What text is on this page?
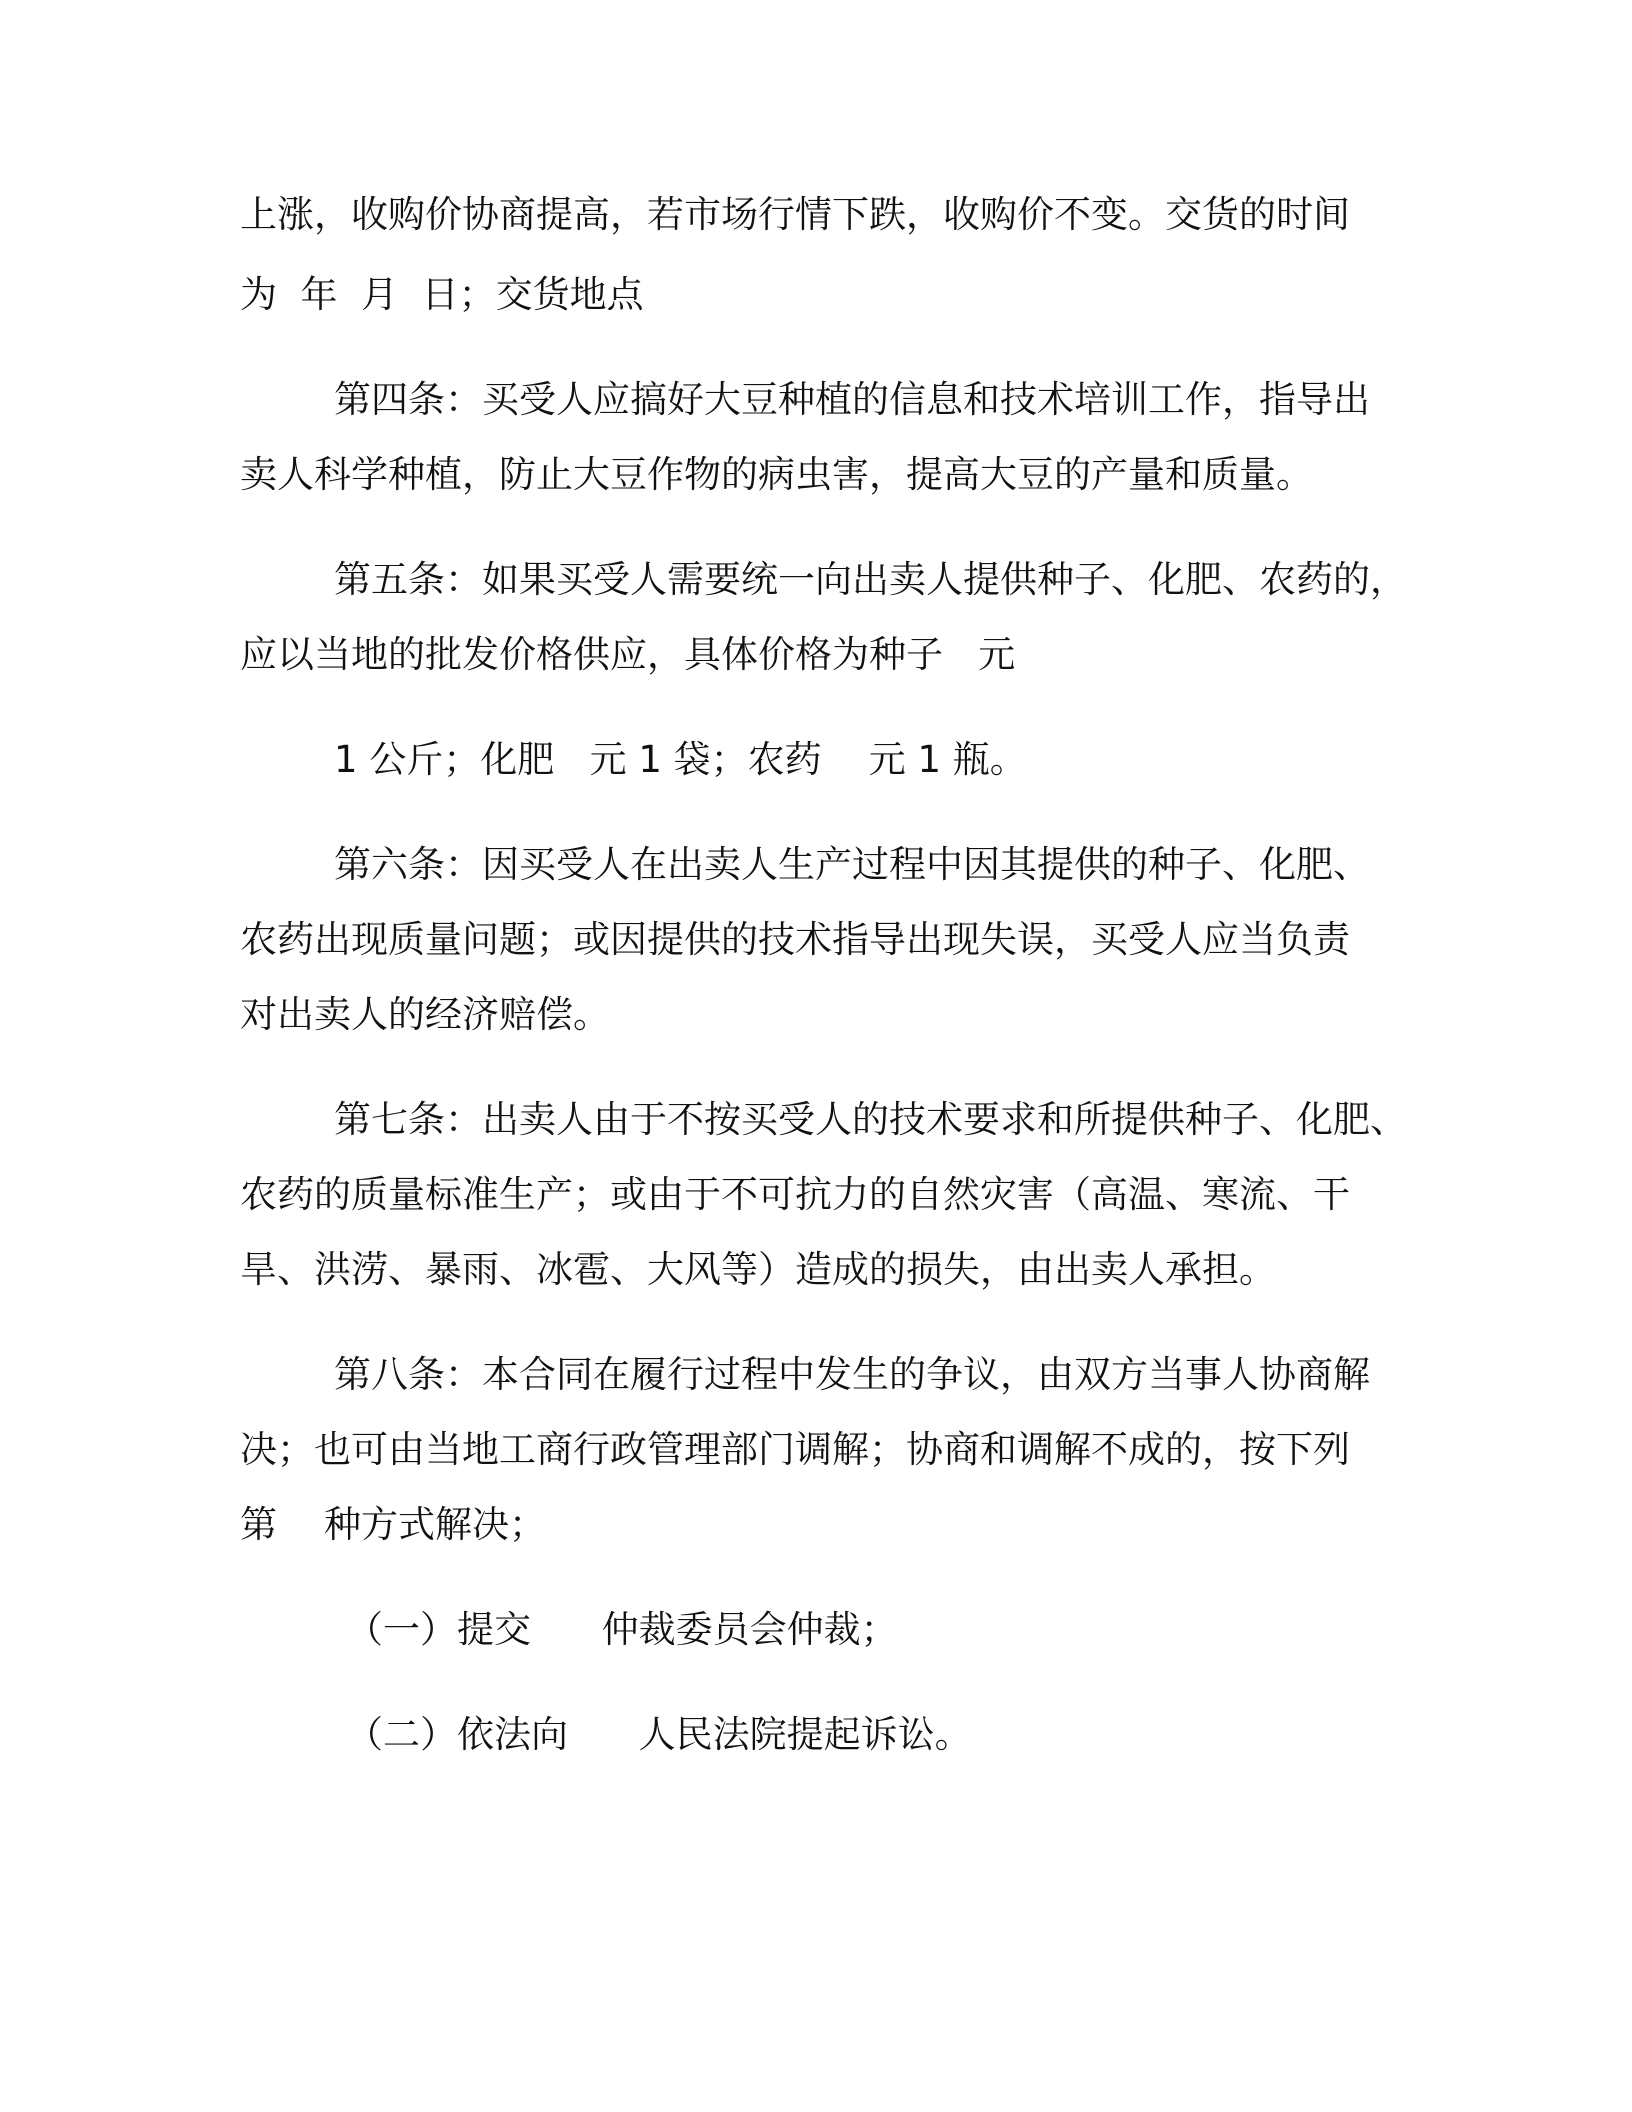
上涨，收购价协商提高，若市场行情下跌，收购价不变。交货的时间

为  年  月  日；交货地点

第四条：买受人应搞好大豆种植的信息和技术培训工作，指导出

卖人科学种植，防止大豆作物的病虫害，提高大豆的产量和质量。

第五条：如果买受人需要统一向出卖人提供种子、化肥、农药的，

应以当地的批发价格供应，具体价格为种子   元

1 公斤；化肥   元 1 袋；农药    元 1 瓶。

第六条：因买受人在出卖人生产过程中因其提供的种子、化肥、

农药出现质量问题；或因提供的技术指导出现失误，买受人应当负责

对出卖人的经济赔偿。

第七条：出卖人由于不按买受人的技术要求和所提供种子、化肥、

农药的质量标准生产；或由于不可抗力的自然灾害（高温、寒流、干

旱、洪涝、暴雨、冰雹、大风等）造成的损失，由出卖人承担。

第八条：本合同在履行过程中发生的争议，由双方当事人协商解

决；也可由当地工商行政管理部门调解；协商和调解不成的，按下列

第    种方式解决；

（一）提交      仲裁委员会仲裁；

（二）依法向      人民法院提起诉讼。
